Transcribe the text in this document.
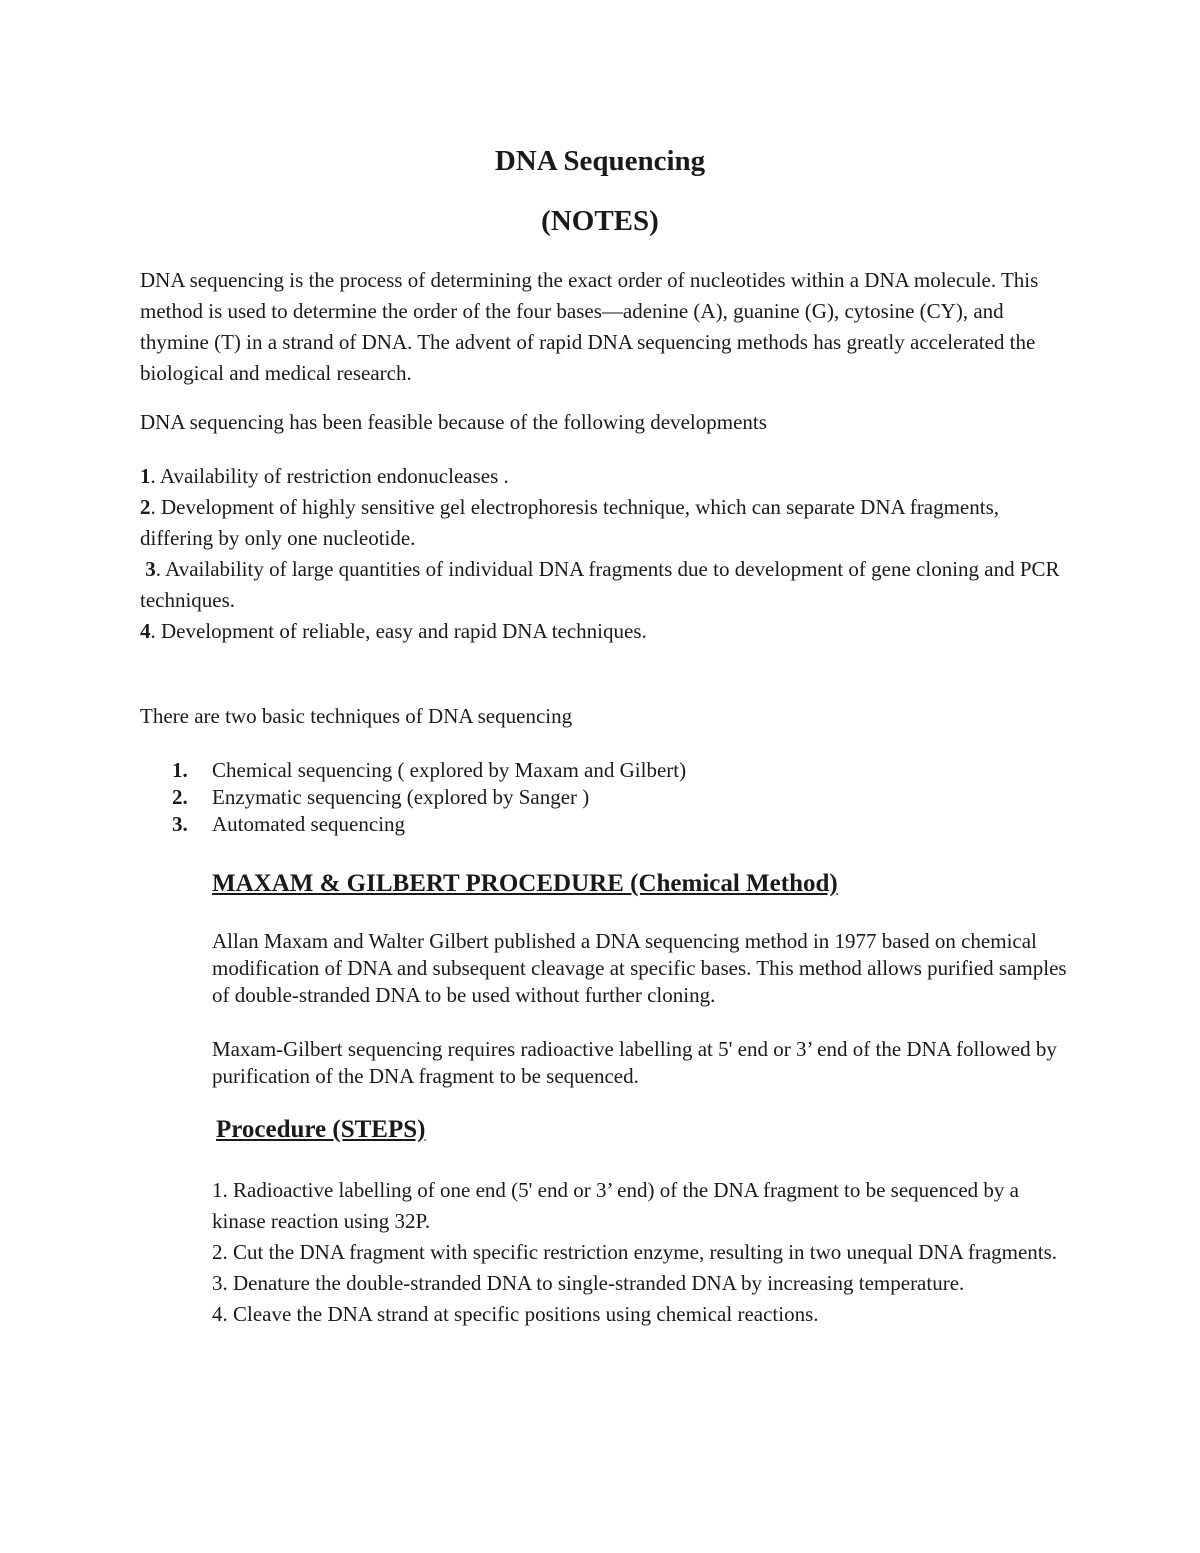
DNA Sequencing
(NOTES)

DNA sequencing is the process of determining the exact order of nucleotides within a DNA molecule. This method is used to determine the order of the four bases—adenine (A), guanine (G), cytosine (CY), and thymine (T) in a strand of DNA. The advent of rapid DNA sequencing methods has greatly accelerated the biological and medical research.

DNA sequencing has been feasible because of the following developments

1. Availability of restriction endonucleases .
2. Development of highly sensitive gel electrophoresis technique, which can separate DNA fragments, differing by only one nucleotide.
3. Availability of large quantities of individual DNA fragments due to development of gene cloning and PCR techniques.
4. Development of reliable, easy and rapid DNA techniques.

There are two basic techniques of DNA sequencing

1.	Chemical sequencing ( explored by Maxam and Gilbert)
2.	Enzymatic sequencing (explored by Sanger )
3.	Automated sequencing
MAXAM & GILBERT PROCEDURE (Chemical Method)

Allan Maxam and Walter Gilbert published a DNA sequencing method in 1977 based on chemical modification of DNA and subsequent cleavage at specific bases. This method allows purified samples of double-stranded DNA to be used without further cloning.

Maxam-Gilbert sequencing requires radioactive labelling at 5' end or 3’ end of the DNA followed by purification of the DNA fragment to be sequenced.

Procedure (STEPS)
1. Radioactive labelling of one end (5' end or 3’ end) of the DNA fragment to be sequenced by a kinase reaction using 32P.
2. Cut the DNA fragment with specific restriction enzyme, resulting in two unequal DNA fragments.
3. Denature the double-stranded DNA to single-stranded DNA by increasing temperature.
4. Cleave the DNA strand at specific positions using chemical reactions.
